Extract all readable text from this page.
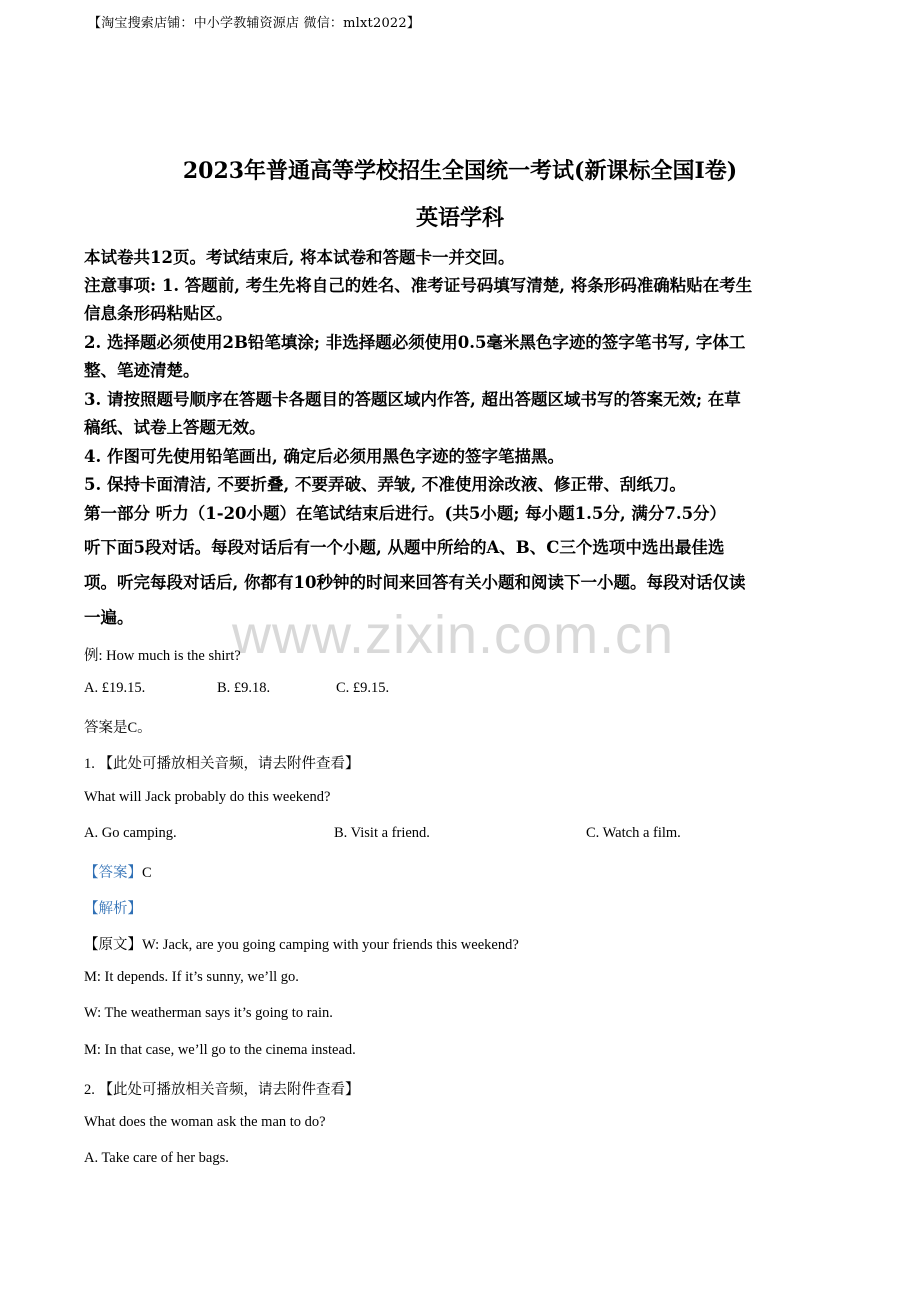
【淘宝搜索店铺：中小学教辅资源店 微信：mlxt2022】
2023年普通高等学校招生全国统一考试(新课标全国Ⅰ卷)
英语学科
本试卷共12页。考试结束后, 将本试卷和答题卡一并交回。
注意事项: 1. 答题前, 考生先将自己的姓名、准考证号码填写清楚, 将条形码准确粘贴在考生
信息条形码粘贴区。
2. 选择题必须使用2B铅笔填涂; 非选择题必须使用0.5毫米黑色字迹的签字笔书写, 字体工
整、笔迹清楚。
3. 请按照题号顺序在答题卡各题目的答题区域内作答, 超出答题区域书写的答案无效; 在草
稿纸、试卷上答题无效。
4. 作图可先使用铅笔画出, 确定后必须用黑色字迹的签字笔描黑。
5. 保持卡面清洁, 不要折叠, 不要弄破、弄皱, 不准使用涂改液、修正带、刮纸刀。
第一部分 听力（1-20小题）在笔试结束后进行。(共5小题; 每小题1.5分, 满分7.5分）
听下面5段对话。每段对话后有一个小题, 从题中所给的A、B、C三个选项中选出最佳选
项。听完每段对话后, 你都有10秒钟的时间来回答有关小题和阅读下一小题。每段对话仅读
一遍。	www.zixin.com.cn
例: How much is the shirt?
A. £19.15.	B. £9.18.	C. £9.15.
答案是C。
1. 【此处可播放相关音频，请去附件查看】
What will Jack probably do this weekend?
A. Go camping.	B. Visit a friend.	C. Watch a film.
【答案】C
【解析】
【原文】W: Jack, are you going camping with your friends this weekend?
M: It depends. If it’s sunny, we’ll go.
W: The weatherman says it’s going to rain.
M: In that case, we’ll go to the cinema instead.
2. 【此处可播放相关音频，请去附件查看】
What does the woman ask the man to do?
A. Take care of her bags.
